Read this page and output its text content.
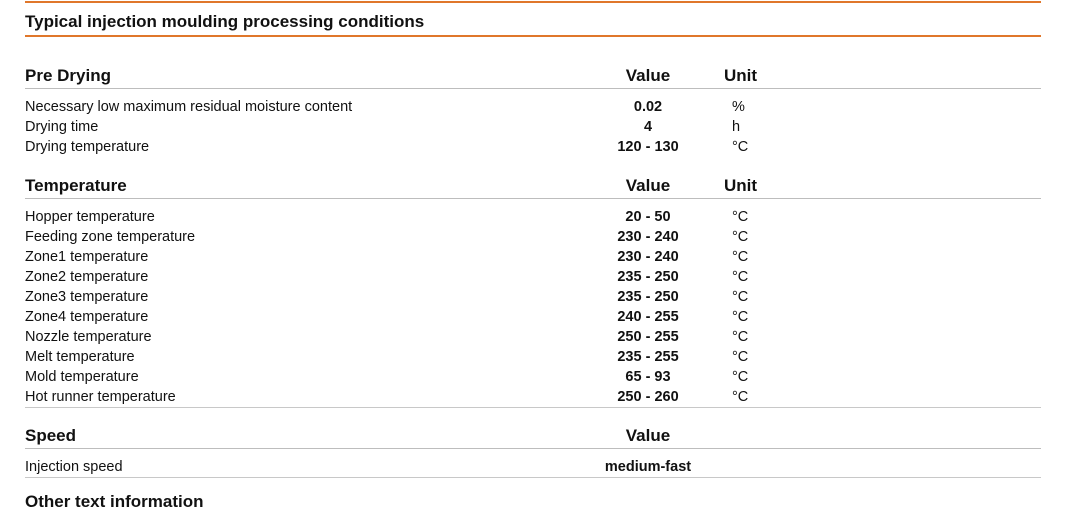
Typical injection moulding processing conditions
Pre Drying	Value	Unit
Necessary low maximum residual moisture content	0.02	%
Drying time	4	h
Drying temperature	120 - 130	°C
Temperature	Value	Unit
Hopper temperature	20 - 50	°C
Feeding zone temperature	230 - 240	°C
Zone1 temperature	230 - 240	°C
Zone2 temperature	235 - 250	°C
Zone3 temperature	235 - 250	°C
Zone4 temperature	240 - 255	°C
Nozzle temperature	250 - 255	°C
Melt temperature	235 - 255	°C
Mold temperature	65 - 93	°C
Hot runner temperature	250 - 260	°C
Speed	Value
Injection speed	medium-fast
Other text information
